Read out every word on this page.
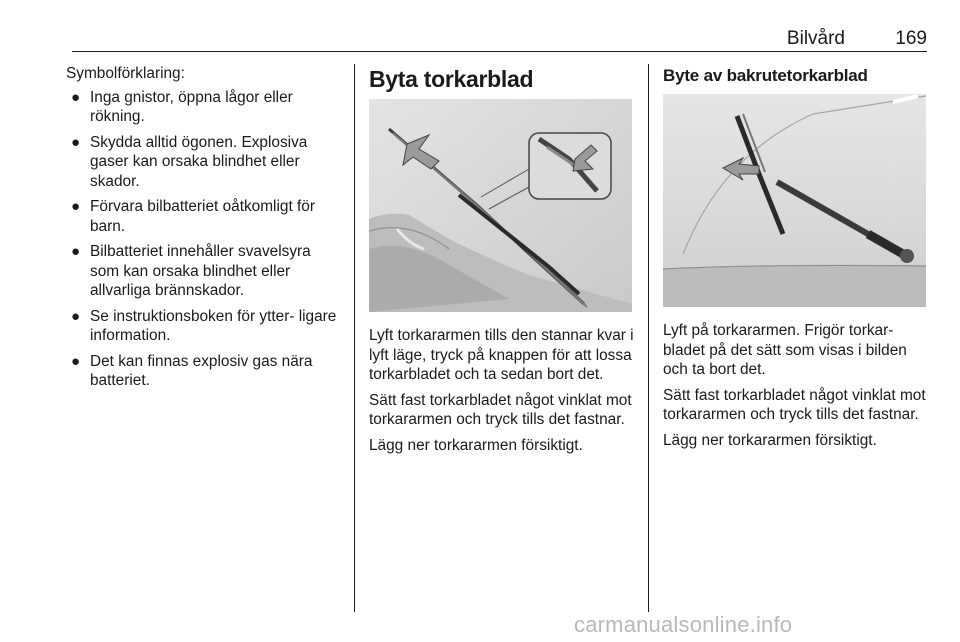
Bilvård	169

Symbolförklaring:

● Inga gnistor, öppna lågor eller rökning.
● Skydda alltid ögonen. Explosiva gaser kan orsaka blindhet eller skador.
● Förvara bilbatteriet oåtkomligt för barn.
● Bilbatteriet innehåller svavelsyra som kan orsaka blindhet eller allvarliga brännskador.
● Se instruktionsboken för ytter- ligare information.
● Det kan finnas explosiv gas nära batteriet.
Byta torkarblad

Lyft torkararmen tills den stannar kvar i lyft läge, tryck på knappen för att lossa torkarbladet och ta sedan bort det.

Sätt fast torkarbladet något vinklat mot torkararmen och tryck tills det fastnar.

Lägg ner torkararmen försiktigt.

Byte av bakrutetorkarblad

Lyft på torkararmen. Frigör torkar- bladet på det sätt som visas i bilden och ta bort det.

Sätt fast torkarbladet något vinklat mot torkararmen och tryck tills det fastnar.

Lägg ner torkararmen försiktigt.

carmanualsonline.info
